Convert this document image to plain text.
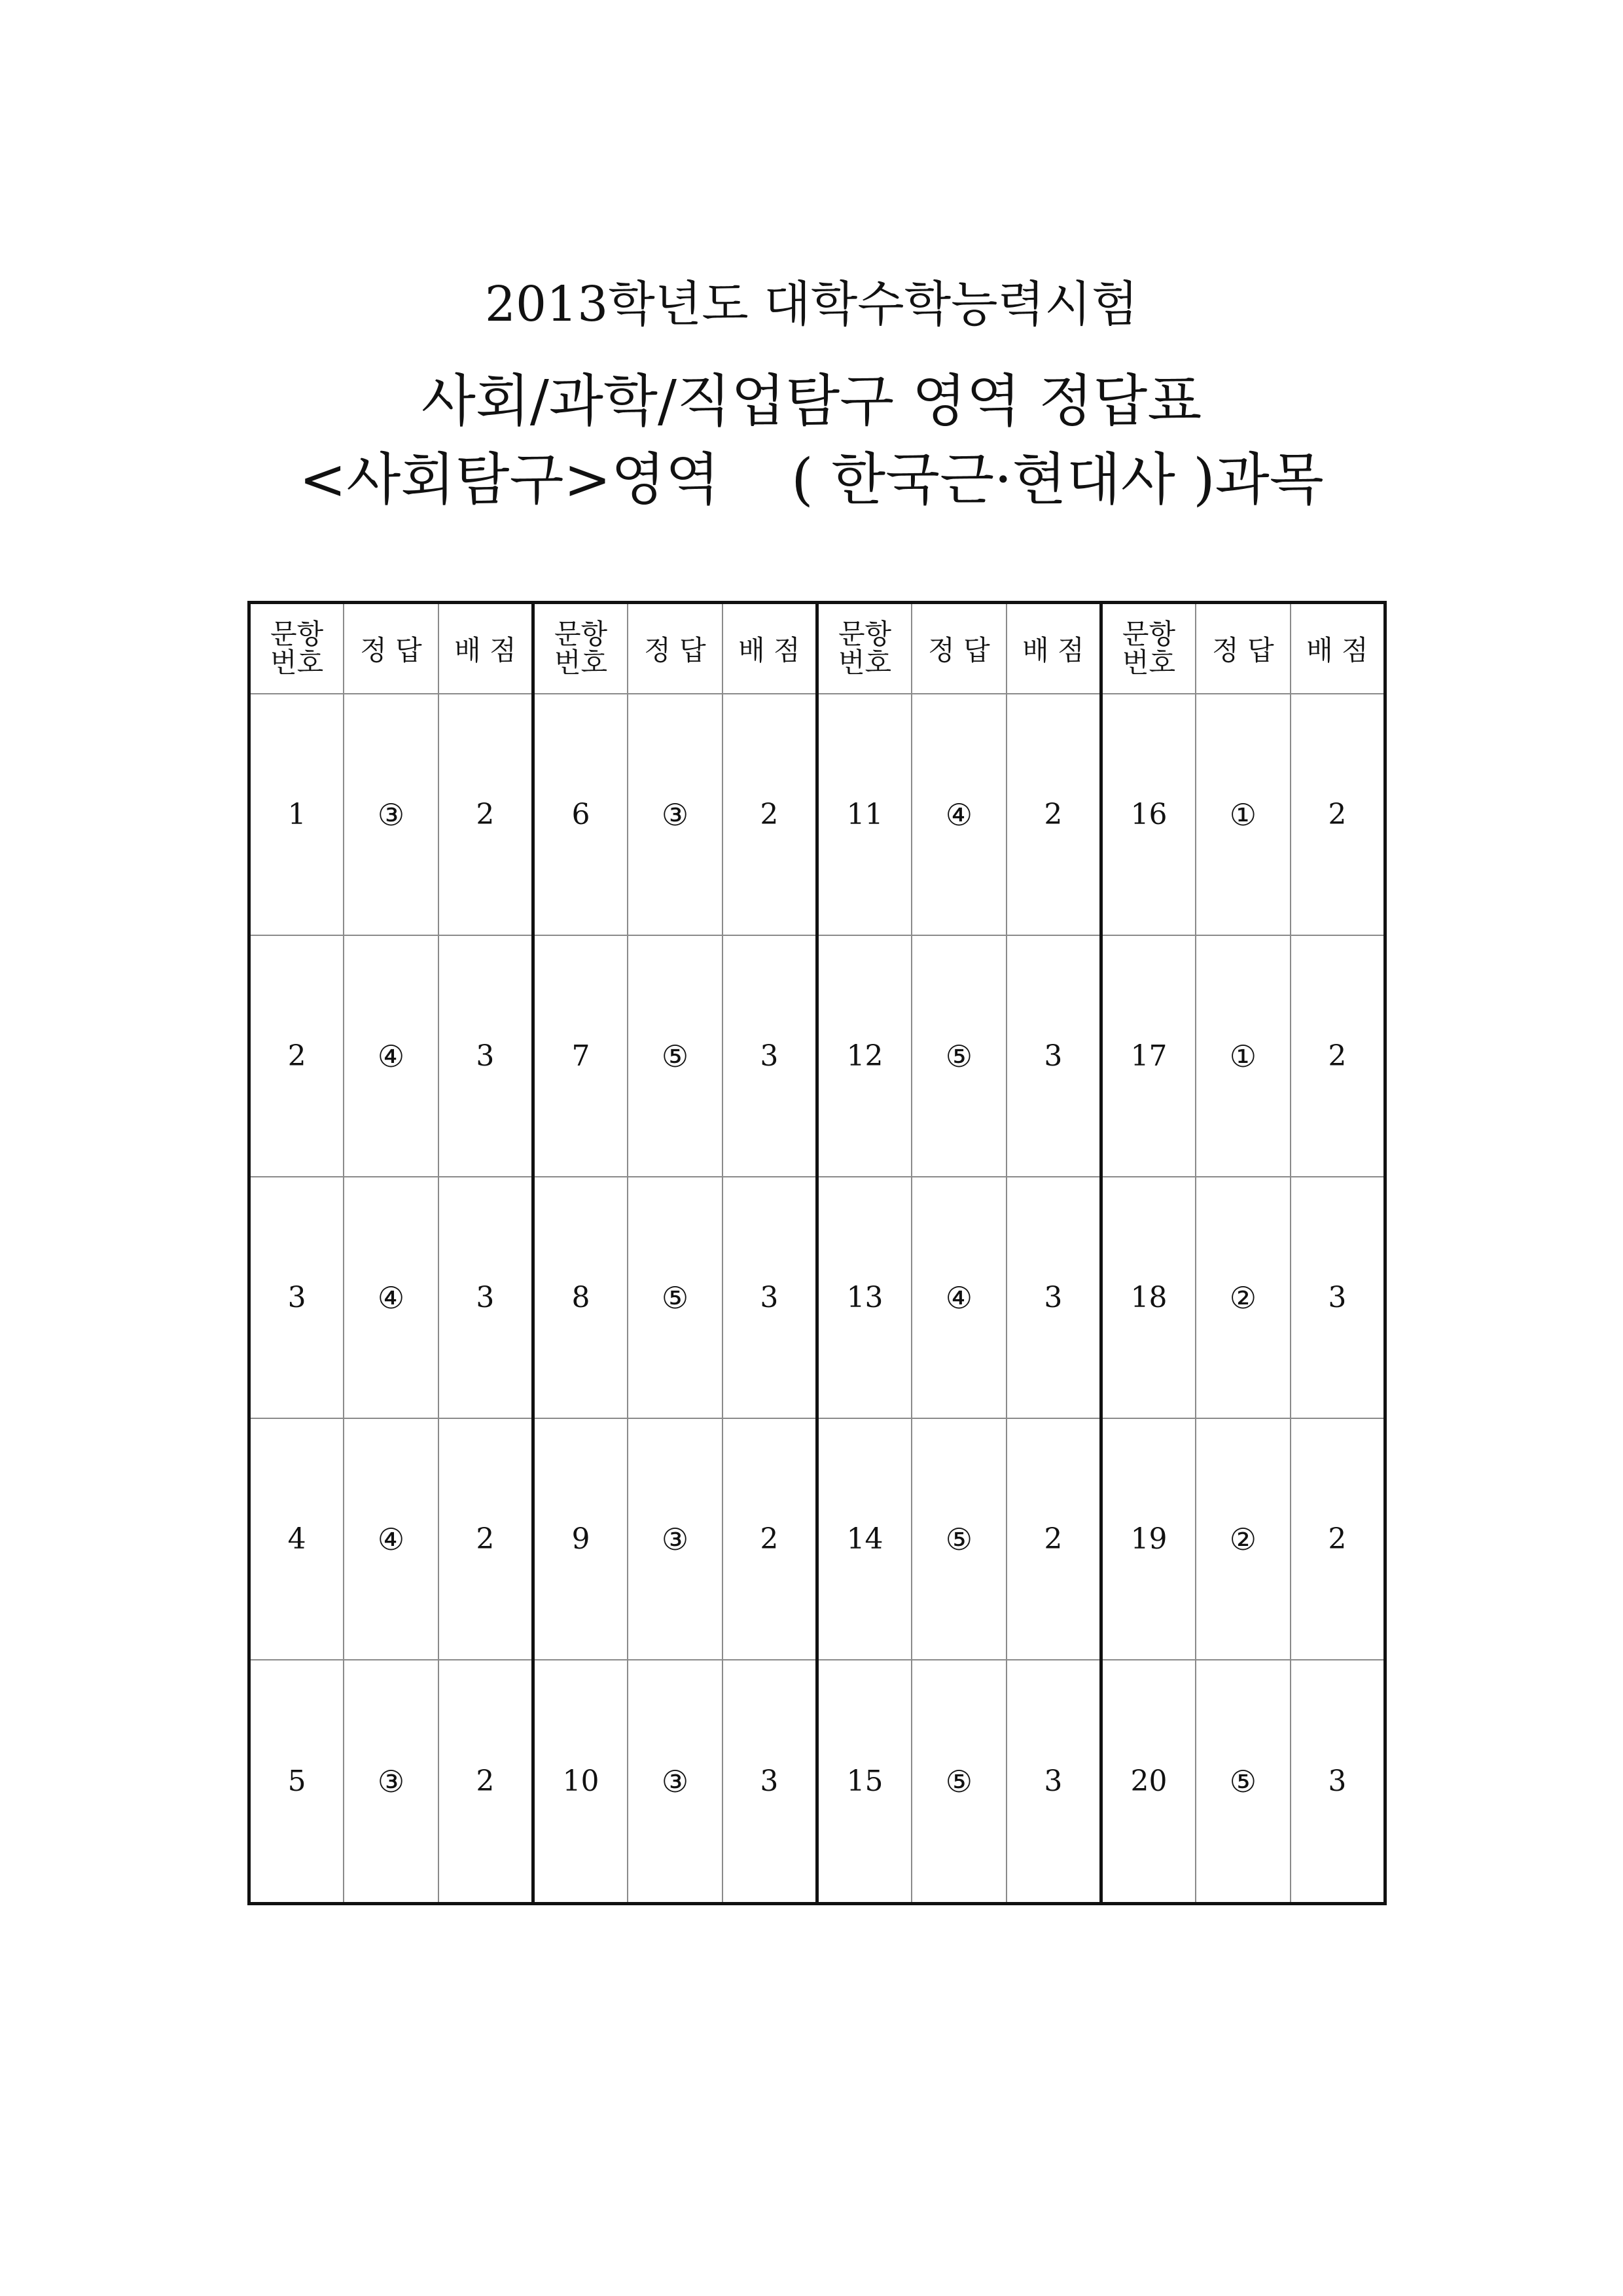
2013학년도 대학수학능력시험
사회/과학/직업탐구 영역 정답표
<사회탐구>영역    ( 한국근·현대사 )과목
문항
번호	정 답	배 점	문항
번호	정 답	배 점	문항
번호	정 답	배 점	문항
번호	정 답	배 점
1	③	2	6	③	2	11	④	2	16	①	2
2	④	3	7	⑤	3	12	⑤	3	17	①	2
3	④	3	8	⑤	3	13	④	3	18	②	3
4	④	2	9	③	2	14	⑤	2	19	②	2
5	③	2	10	③	3	15	⑤	3	20	⑤	3
